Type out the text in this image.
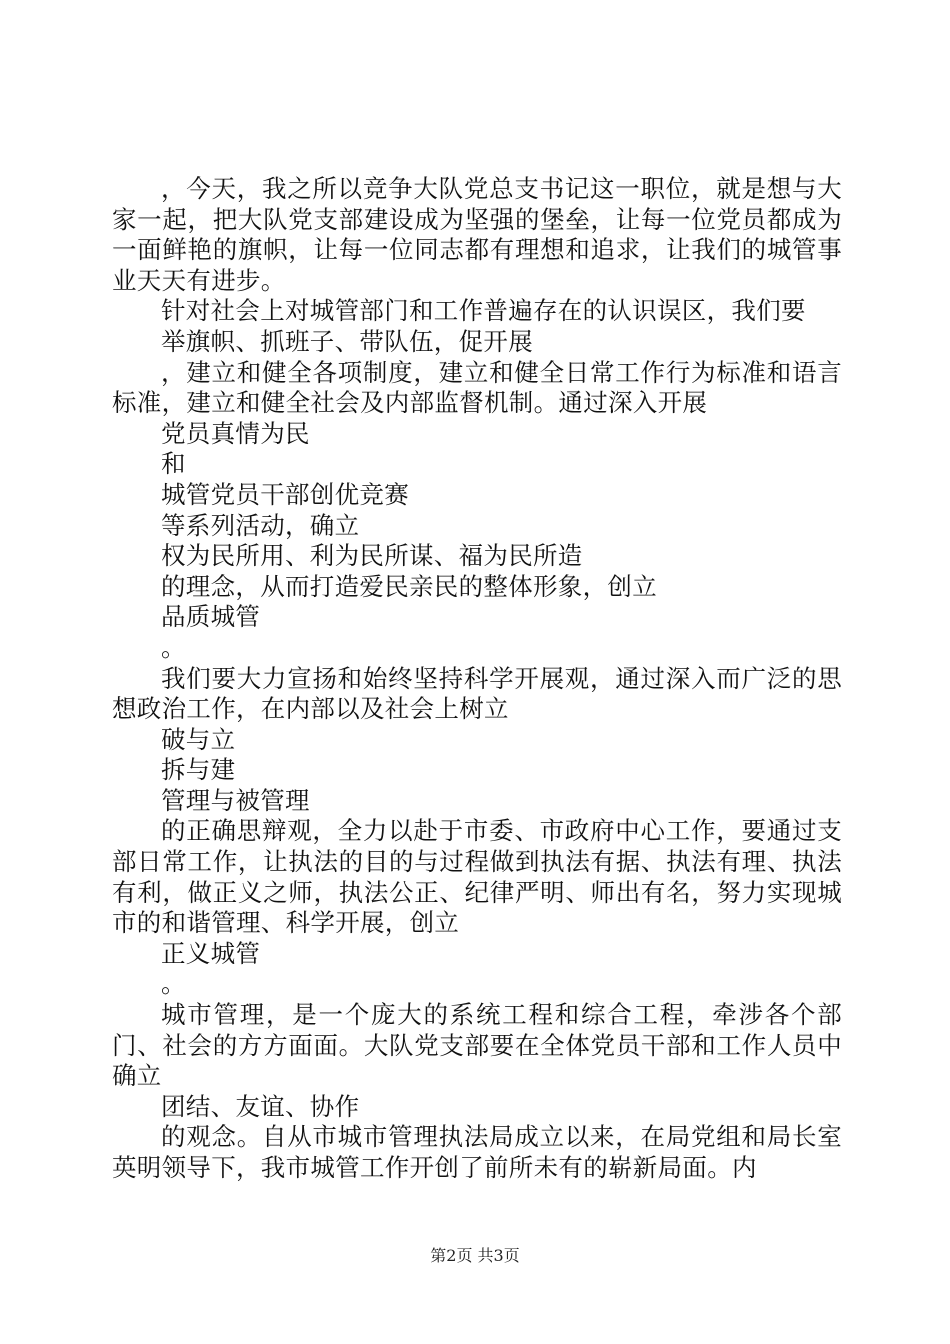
，今天，我之所以竞争大队党总支书记这一职位，就是想与大家一起，把大队党支部建设成为坚强的堡垒，让每一位党员都成为一面鲜艳的旗帜，让每一位同志都有理想和追求，让我们的城管事业天天有进步。

针对社会上对城管部门和工作普遍存在的认识误区，我们要

举旗帜、抓班子、带队伍，促开展

，建立和健全各项制度，建立和健全日常工作行为标准和语言标准，建立和健全社会及内部监督机制。通过深入开展

党员真情为民

和

城管党员干部创优竞赛

等系列活动，确立

权为民所用、利为民所谋、福为民所造

的理念，从而打造爱民亲民的整体形象，创立

品质城管

。

我们要大力宣扬和始终坚持科学开展观，通过深入而广泛的思想政治工作，在内部以及社会上树立

破与立

拆与建

管理与被管理

的正确思辩观，全力以赴于市委、市政府中心工作，要通过支部日常工作，让执法的目的与过程做到执法有据、执法有理、执法有利，做正义之师，执法公正、纪律严明、师出有名，努力实现城市的和谐管理、科学开展，创立

正义城管

。

城市管理，是一个庞大的系统工程和综合工程，牵涉各个部门、社会的方方面面。大队党支部要在全体党员干部和工作人员中确立

团结、友谊、协作

的观念。自从市城市管理执法局成立以来，在局党组和局长室英明领导下，我市城管工作开创了前所未有的崭新局面。内

第2页 共3页
